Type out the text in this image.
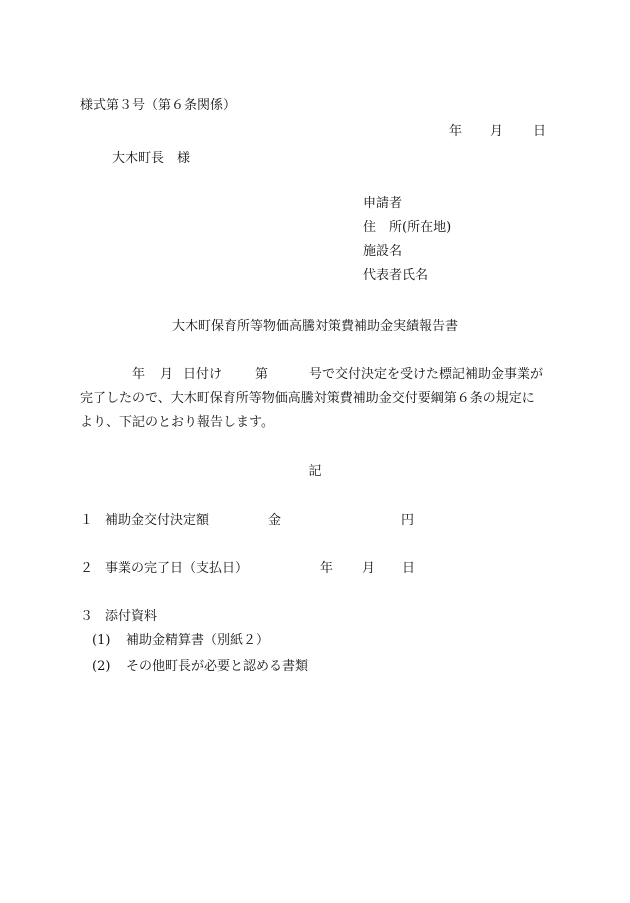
様式第３号（第６条関係）
年 月 日
大木町長　様
申請者
住　所(所在地)
施設名
代表者氏名
大木町保育所等物価高騰対策費補助金実績報告書
年 月 日付け	第	号で交付決定を受けた標記補助金事業が
完了したので、大木町保育所等物価高騰対策費補助金交付要綱第６条の規定に
より、下記のとおり報告します。
記
１ 補助金交付決定額	金	円
２ 事業の完了日（支払日）	年 月 日
３ 添付資料
(1) 補助金精算書（別紙２）
(2) その他町長が必要と認める書類
